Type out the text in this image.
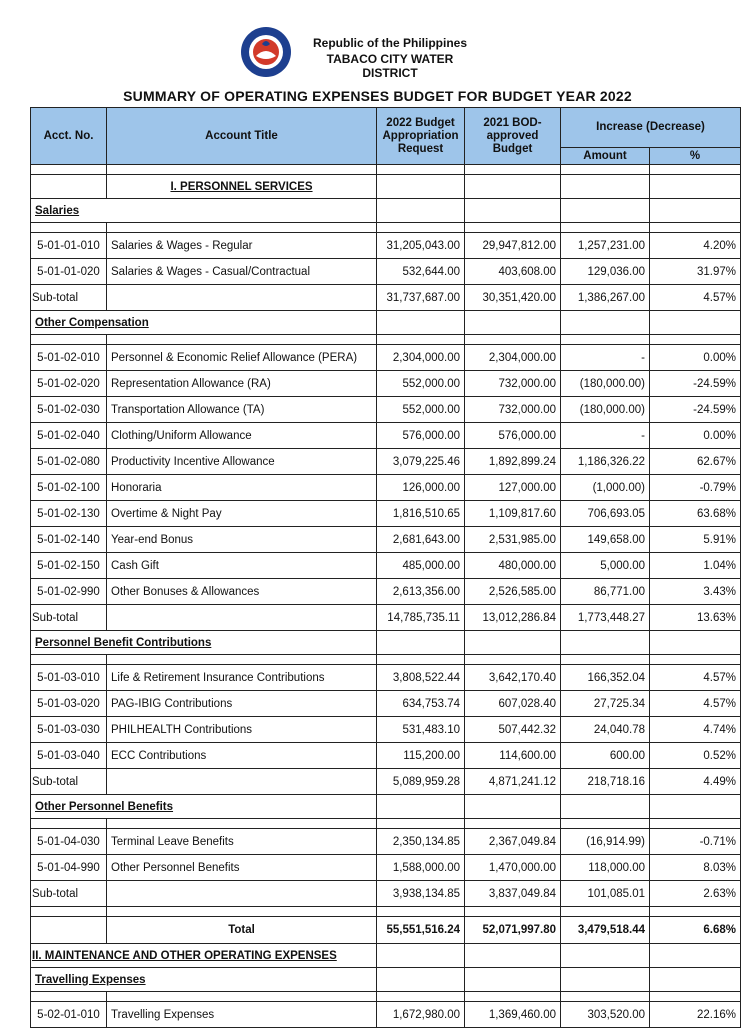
Republic of the Philippines
TABACO CITY WATER DISTRICT
SUMMARY OF OPERATING EXPENSES BUDGET FOR BUDGET YEAR 2022
Acct. No.	Account Title	2022 Budget Appropriation Request	2021 BOD-approved Budget	Increase (Decrease)	
				Amount	%

	I. PERSONNEL SERVICES				
Salaries					

5-01-01-010	Salaries & Wages - Regular	31,205,043.00	29,947,812.00	1,257,231.00	4.20%
5-01-01-020	Salaries & Wages - Casual/Contractual	532,644.00	403,608.00	129,036.00	31.97%
Sub-total		31,737,687.00	30,351,420.00	1,386,267.00	4.57%
Other Compensation					

5-01-02-010	Personnel & Economic Relief Allowance (PERA)	2,304,000.00	2,304,000.00	-	0.00%
5-01-02-020	Representation Allowance (RA)	552,000.00	732,000.00	(180,000.00)	-24.59%
5-01-02-030	Transportation Allowance (TA)	552,000.00	732,000.00	(180,000.00)	-24.59%
5-01-02-040	Clothing/Uniform Allowance	576,000.00	576,000.00	-	0.00%
5-01-02-080	Productivity Incentive Allowance	3,079,225.46	1,892,899.24	1,186,326.22	62.67%
5-01-02-100	Honoraria	126,000.00	127,000.00	(1,000.00)	-0.79%
5-01-02-130	Overtime & Night Pay	1,816,510.65	1,109,817.60	706,693.05	63.68%
5-01-02-140	Year-end Bonus	2,681,643.00	2,531,985.00	149,658.00	5.91%
5-01-02-150	Cash Gift	485,000.00	480,000.00	5,000.00	1.04%
5-01-02-990	Other Bonuses & Allowances	2,613,356.00	2,526,585.00	86,771.00	3.43%
Sub-total		14,785,735.11	13,012,286.84	1,773,448.27	13.63%
Personnel Benefit Contributions					

5-01-03-010	Life & Retirement Insurance Contributions	3,808,522.44	3,642,170.40	166,352.04	4.57%
5-01-03-020	PAG-IBIG Contributions	634,753.74	607,028.40	27,725.34	4.57%
5-01-03-030	PHILHEALTH Contributions	531,483.10	507,442.32	24,040.78	4.74%
5-01-03-040	ECC Contributions	115,200.00	114,600.00	600.00	0.52%
Sub-total		5,089,959.28	4,871,241.12	218,718.16	4.49%
Other Personnel Benefits					

5-01-04-030	Terminal Leave Benefits	2,350,134.85	2,367,049.84	(16,914.99)	-0.71%
5-01-04-990	Other Personnel Benefits	1,588,000.00	1,470,000.00	118,000.00	8.03%
Sub-total		3,938,134.85	3,837,049.84	101,085.01	2.63%

	Total	55,551,516.24	52,071,997.80	3,479,518.44	6.68%
II. MAINTENANCE AND OTHER OPERATING EXPENSES					
Travelling Expenses					

5-02-01-010	Travelling Expenses	1,672,980.00	1,369,460.00	303,520.00	22.16%
